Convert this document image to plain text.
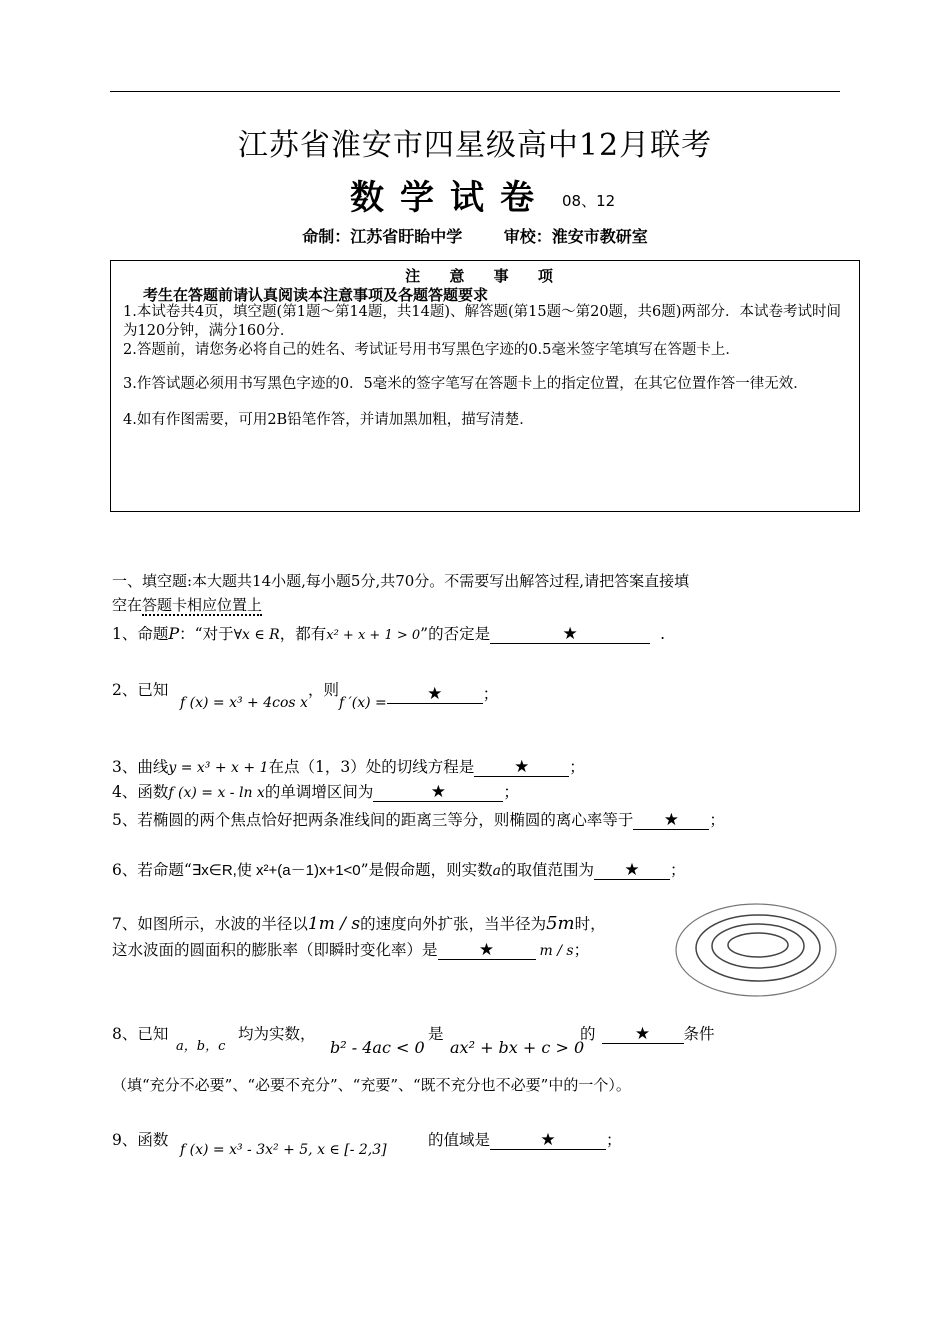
江苏省淮安市四星级高中12月联考
数学试卷 08、12
命制：江苏省盱眙中学	审校：淮安市教研室
注 意 事 项
考生在答题前请认真阅读本注意事项及各题答题要求
1.本试卷共4页，填空题(第1题～第14题，共14题)、解答题(第15题～第20题，共6题)两部分．本试卷考试时间为120分钟，满分160分．
2.答题前，请您务必将自己的姓名、考试证号用书写黑色字迹的0.5毫米签字笔填写在答题卡上．
3.作答试题必须用书写黑色字迹的0．5毫米的签字笔写在答题卡上的指定位置，在其它位置作答一律无效．
4.如有作图需要，可用2B铅笔作答，并请加黑加粗，描写清楚．
一、填空题:本大题共14小题,每小题5分,共70分。不需要写出解答过程,请把答案直接填
空在答题卡相应位置上
1、命题P：“对于∀x ∈ R，都有x² + x + 1 > 0”的否定是	★	.
2、已知
f (x) = x³ + 4cos x，则f ′(x) = ★	；
3、曲线y = x³ + x + 1在点（1，3）处的切线方程是 ★	；
4、函数f (x) = x - ln x的单调增区间为	★	；
5、若椭圆的两个焦点恰好把两条准线间的距离三等分，则椭圆的离心率等于 ★ ；
6、若命题“∃x∈R,使 x²+(a－1)x+1<0”是假命题，则实数a的取值范围为 ★ ；
7、如图所示，水波的半径以1m / s的速度向外扩张，当半径为5m时，
这水波面的圆面积的膨胀率（即瞬时变化率）是 ★	m / s；
8、已知
a，b，c
均为实数，
b² - 4ac < 0
是
ax² + bx + c > 0
的 ★ 条件
（填“充分不必要”、“必要不充分”、“充要”、“既不充分也不必要”中的一个）。
9、函数
f (x) = x³ - 3x² + 5, x ∈ [- 2,3]
的值域是	★	；
